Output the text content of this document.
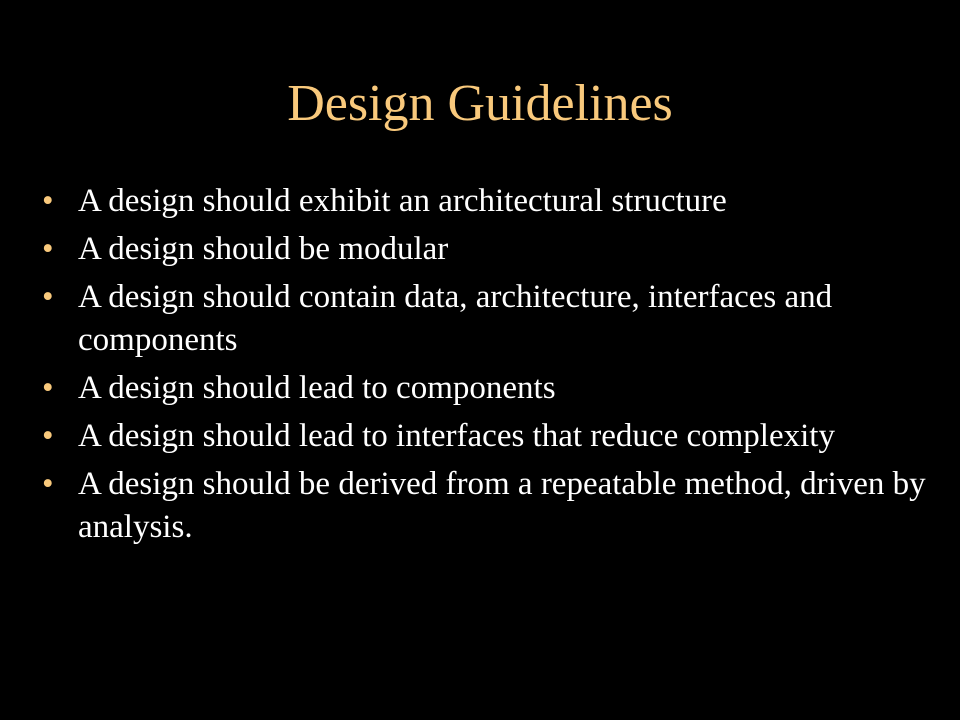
Design Guidelines
• A design should exhibit an architectural structure
• A design should be modular
• A design should contain data, architecture, interfaces and components
• A design should lead to components
• A design should lead to interfaces that reduce complexity
• A design should be derived from a repeatable method, driven by analysis.
